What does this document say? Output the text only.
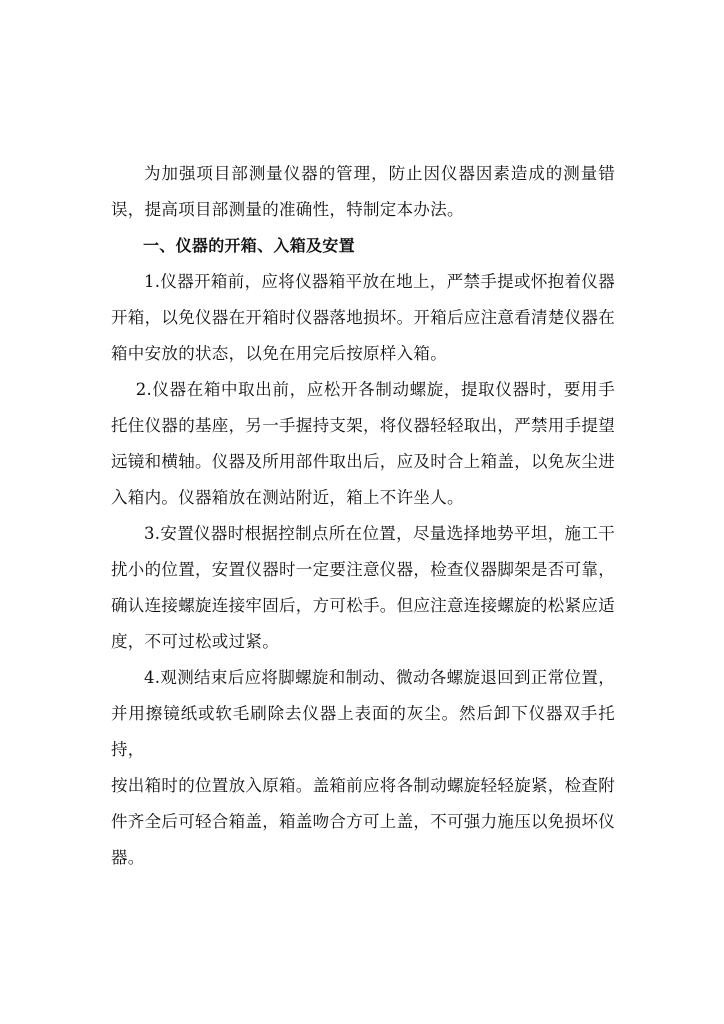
为加强项目部测量仪器的管理，防止因仪器因素造成的测量错误，提高项目部测量的准确性，特制定本办法。

一、仪器的开箱、入箱及安置

1.仪器开箱前，应将仪器箱平放在地上，严禁手提或怀抱着仪器开箱，以免仪器在开箱时仪器落地损坏。开箱后应注意看清楚仪器在箱中安放的状态，以免在用完后按原样入箱。

2.仪器在箱中取出前，应松开各制动螺旋，提取仪器时，要用手托住仪器的基座，另一手握持支架，将仪器轻轻取出，严禁用手提望远镜和横轴。仪器及所用部件取出后，应及时合上箱盖，以免灰尘进入箱内。仪器箱放在测站附近，箱上不许坐人。

3.安置仪器时根据控制点所在位置，尽量选择地势平坦，施工干扰小的位置，安置仪器时一定要注意仪器，检查仪器脚架是否可靠，确认连接螺旋连接牢固后，方可松手。但应注意连接螺旋的松紧应适度，不可过松或过紧。

4.观测结束后应将脚螺旋和制动、微动各螺旋退回到正常位置，并用擦镜纸或软毛刷除去仪器上表面的灰尘。然后卸下仪器双手托持，

按出箱时的位置放入原箱。盖箱前应将各制动螺旋轻轻旋紧，检查附件齐全后可轻合箱盖，箱盖吻合方可上盖，不可强力施压以免损坏仪器。
